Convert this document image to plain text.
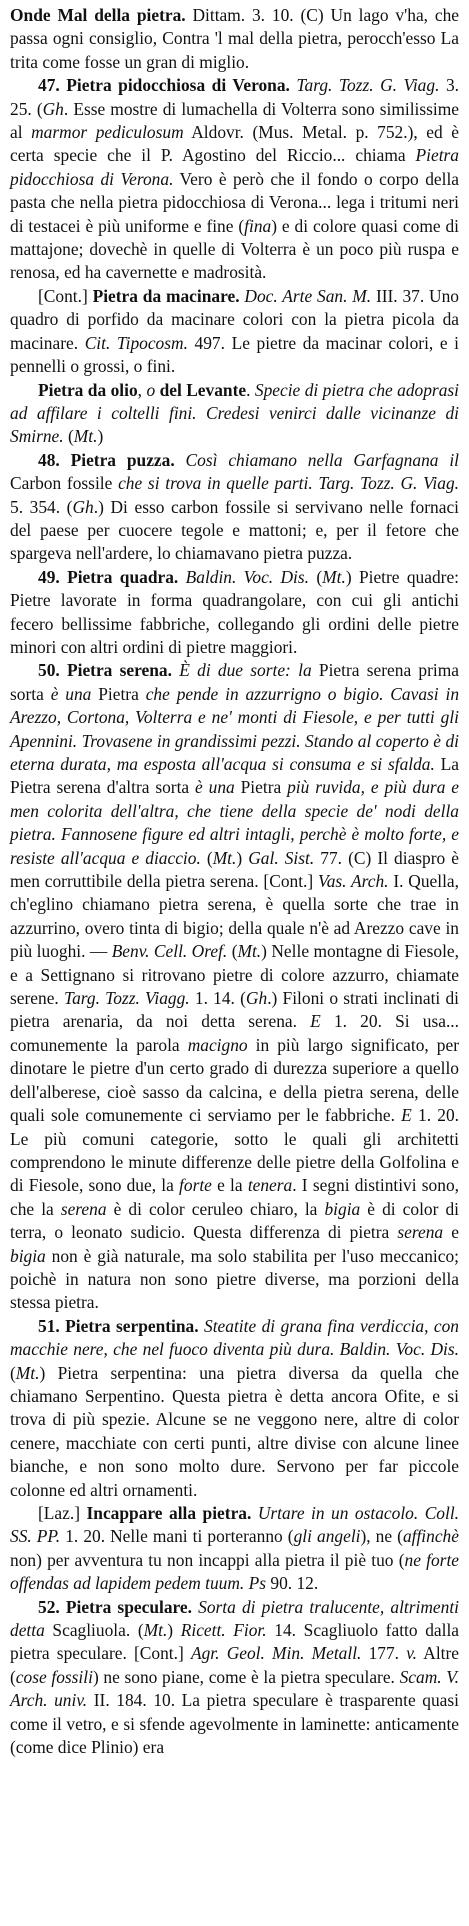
Onde Mal della pietra. Dittam. 3. 10. (C) Un lago v'ha, che passa ogni consiglio, Contra 'l mal della pietra, perocch'esso La trita come fosse un gran di miglio.

47. Pietra pidocchiosa di Verona. Targ. Tozz. G. Viag. 3. 25. (Gh. Esse mostre di lumachella di Volterra sono similissime al marmor pediculosum Aldovr. (Mus. Metal. p. 752.), ed è certa specie che il P. Agostino del Riccio... chiama Pietra pidocchiosa di Verona. Vero è però che il fondo o corpo della pasta che nella pietra pidocchiosa di Verona... lega i tritumi neri di testacei è più uniforme e fine (fina) e di colore quasi come di mattajone; dovechè in quelle di Volterra è un poco più ruspa e renosa, ed ha cavernette e madrosità.

[Cont.] Pietra da macinare. Doc. Arte San. M. III. 37. Uno quadro di porfido da macinare colori con la pietra picola da macinare. Cit. Tipocosm. 497. Le pietre da macinar colori, e i pennelli o grossi, o fini.

Pietra da olio, o del Levante. Specie di pietra che adoprasi ad affilare i coltelli fini. Credesi venirci dalle vicinanze di Smirne. (Mt.)

48. Pietra puzza. Così chiamano nella Garfagnana il Carbon fossile che si trova in quelle parti. Targ. Tozz. G. Viag. 5. 354. (Gh.) Di esso carbon fossile si servivano nelle fornaci del paese per cuocere tegole e mattoni; e, per il fetore che spargeva nell'ardere, lo chiamavano pietra puzza.

49. Pietra quadra. Baldin. Voc. Dis. (Mt.) Pietre quadre: Pietre lavorate in forma quadrangolare, con cui gli antichi fecero bellissime fabbriche, collegando gli ordini delle pietre minori con altri ordini di pietre maggiori.

50. Pietra serena. È di due sorte: la Pietra serena prima sorta è una Pietra che pende in azzurrigno o bigio. Cavasi in Arezzo, Cortona, Volterra e ne' monti di Fiesole, e per tutti gli Apennini. Trovasene in grandissimi pezzi. Stando al coperto è di eterna durata, ma esposta all'acqua si consuma e si sfalda. La Pietra serena d'altra sorta è una Pietra più ruvida, e più dura e men colorita dell'altra, che tiene della specie de' nodi della pietra. Fannosene figure ed altri intagli, perchè è molto forte, e resiste all'acqua e diaccio. (Mt.) Gal. Sist. 77. (C) Il diaspro è men corruttibile della pietra serena. [Cont.] Vas. Arch. I. Quella, ch'eglino chiamano pietra serena, è quella sorte che trae in azzurrino, overo tinta di bigio; della quale n'è ad Arezzo cave in più luoghi. — Benv. Cell. Oref. (Mt.) Nelle montagne di Fiesole, e a Settignano si ritrovano pietre di colore azzurro, chiamate serene. Targ. Tozz. Viagg. 1. 14. (Gh.) Filoni o strati inclinati di pietra arenaria, da noi detta serena. E 1. 20. Si usa... comunemente la parola macigno in più largo significato, per dinotare le pietre d'un certo grado di durezza superiore a quello dell'alberese, cioè sasso da calcina, e della pietra serena, delle quali sole comunemente ci serviamo per le fabbriche. E 1. 20. Le più comuni categorie, sotto le quali gli architetti comprendono le minute differenze delle pietre della Golfolina e di Fiesole, sono due, la forte e la tenera. I segni distintivi sono, che la serena è di color ceruleo chiaro, la bigia è di color di terra, o leonato sudicio. Questa differenza di pietra serena e bigia non è già naturale, ma solo stabilita per l'uso meccanico; poichè in natura non sono pietre diverse, ma porzioni della stessa pietra.

51. Pietra serpentina. Steatite di grana fina verdiccia, con macchie nere, che nel fuoco diventa più dura. Baldin. Voc. Dis. (Mt.) Pietra serpentina: una pietra diversa da quella che chiamano Serpentino. Questa pietra è detta ancora Ofite, e si trova di più spezie. Alcune se ne veggono nere, altre di color cenere, macchiate con certi punti, altre divise con alcune linee bianche, e non sono molto dure. Servono per far piccole colonne ed altri ornamenti.

[Laz.] Incappare alla pietra. Urtare in un ostacolo. Coll. SS. PP. 1. 20. Nelle mani ti porteranno (gli angeli), ne (affinchè non) per avventura tu non incappi alla pietra il piè tuo (ne forte offendas ad lapidem pedem tuum. Ps 90. 12.

52. Pietra speculare. Sorta di pietra tralucente, altrimenti detta Scagliuola. (Mt.) Ricett. Fior. 14. Scagliuolo fatto dalla pietra speculare. [Cont.] Agr. Geol. Min. Metall. 177. v. Altre (cose fossili) ne sono piane, come è la pietra speculare. Scam. V. Arch. univ. II. 184. 10. La pietra speculare è trasparente quasi come il vetro, e si sfende agevolmente in laminette: anticamente (come dice Plinio) era
